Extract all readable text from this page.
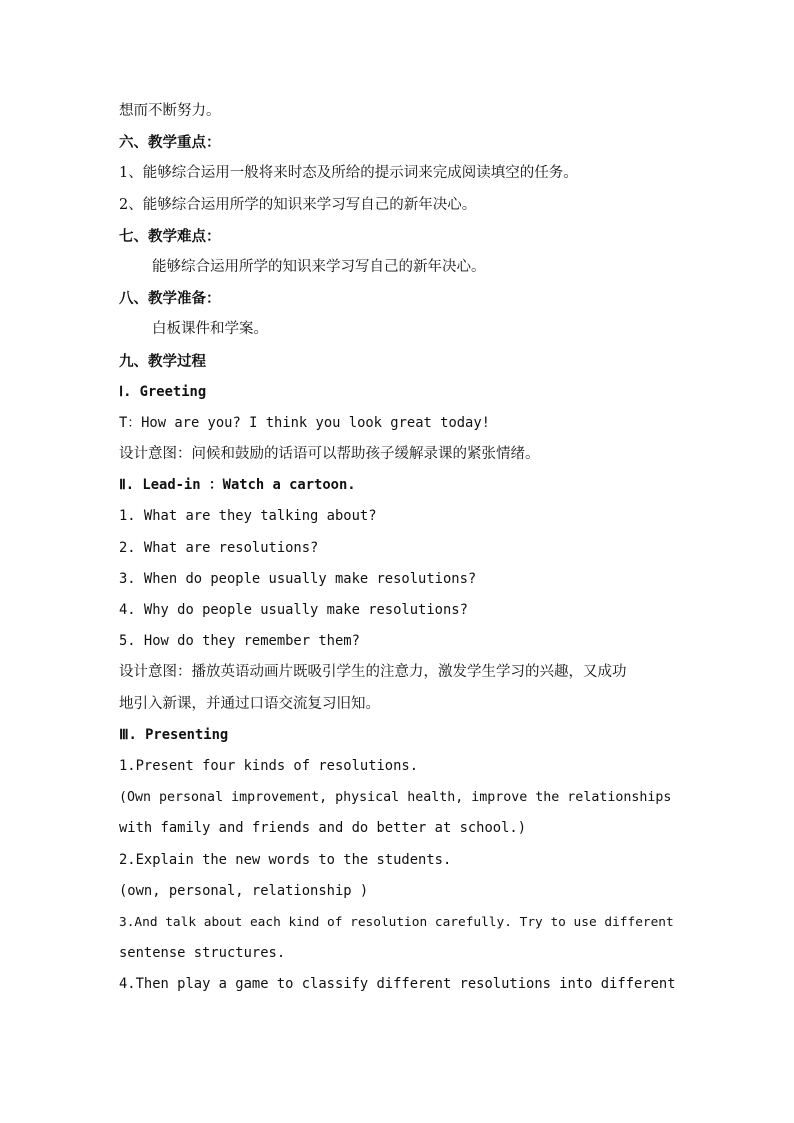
想而不断努力。
六、教学重点：
1、能够综合运用一般将来时态及所给的提示词来完成阅读填空的任务。
2、能够综合运用所学的知识来学习写自己的新年决心。
七、教学难点：
能够综合运用所学的知识来学习写自己的新年决心。
八、教学准备：
白板课件和学案。
九、教学过程
Ⅰ. Greeting
T：How are you? I think you look great today!
设计意图：问候和鼓励的话语可以帮助孩子缓解录课的紧张情绪。
Ⅱ. Lead-in ：Watch a cartoon.
1. What are they talking about?
2. What are resolutions?
3. When do people usually make resolutions?
4. Why do people usually make resolutions?
5. How do they remember them?
设计意图：播放英语动画片既吸引学生的注意力，激发学生学习的兴趣，又成功
地引入新课，并通过口语交流复习旧知。
Ⅲ. Presenting
1.Present four kinds of resolutions.
(Own personal improvement, physical health, improve the relationships
with family and friends and do better at school.)
2.Explain the new words to the students.
(own, personal, relationship )
3.And talk about each kind of resolution carefully. Try to use different
sentense structures.
4.Then play a game to classify different resolutions into different
